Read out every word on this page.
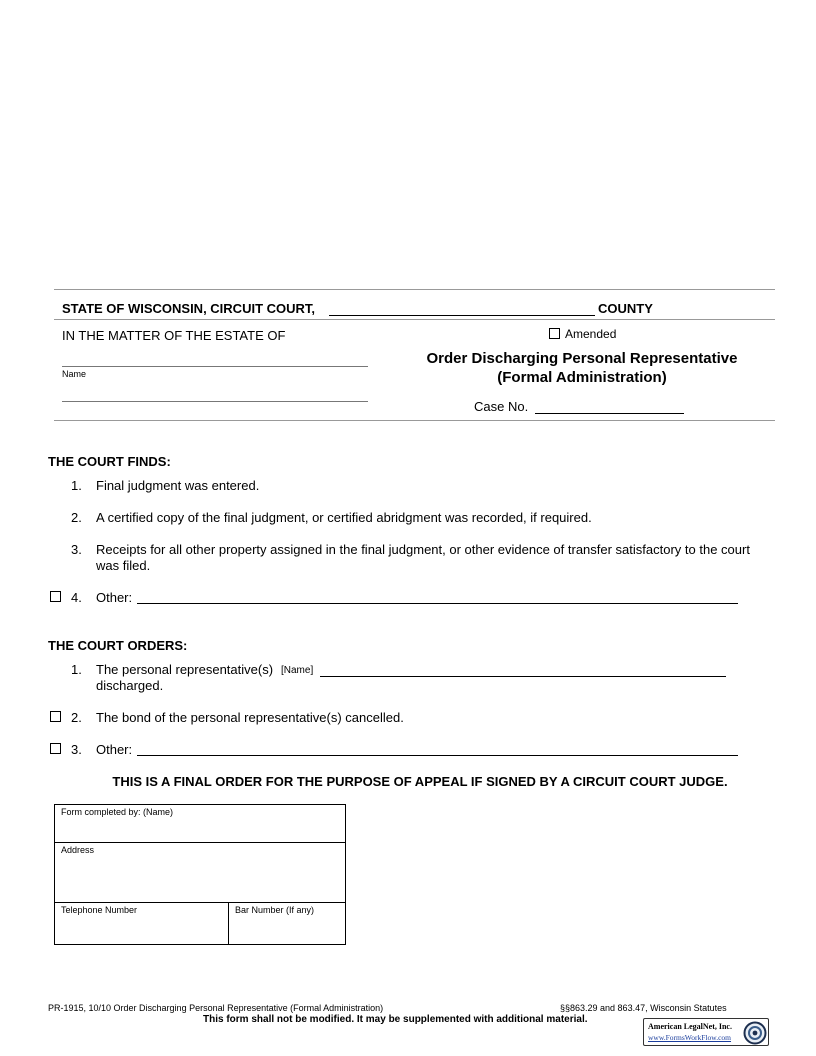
STATE OF WISCONSIN, CIRCUIT COURT,	COUNTY
IN THE MATTER OF THE ESTATE OF
Name
Amended
Order Discharging Personal Representative
(Formal Administration)
Case No.
THE COURT FINDS:
1. Final judgment was entered.
2. A certified copy of the final judgment, or certified abridgment was recorded, if required.
3. Receipts for all other property assigned in the final judgment, or other evidence of transfer satisfactory to the court
was filed.
4. Other:
THE COURT ORDERS:
1. The personal representative(s) [Name]
discharged.
2. The bond of the personal representative(s) cancelled.
3. Other:
THIS IS A FINAL ORDER FOR THE PURPOSE OF APPEAL IF SIGNED BY A CIRCUIT COURT JUDGE.
Form completed by: (Name)
Address
Telephone Number	Bar Number (If any)
PR-1915, 10/10 Order Discharging Personal Representative (Formal Administration)	§§863.29 and 863.47, Wisconsin Statutes
This form shall not be modified. It may be supplemented with additional material.
American LegalNet, Inc.
www.FormsWorkFlow.com
